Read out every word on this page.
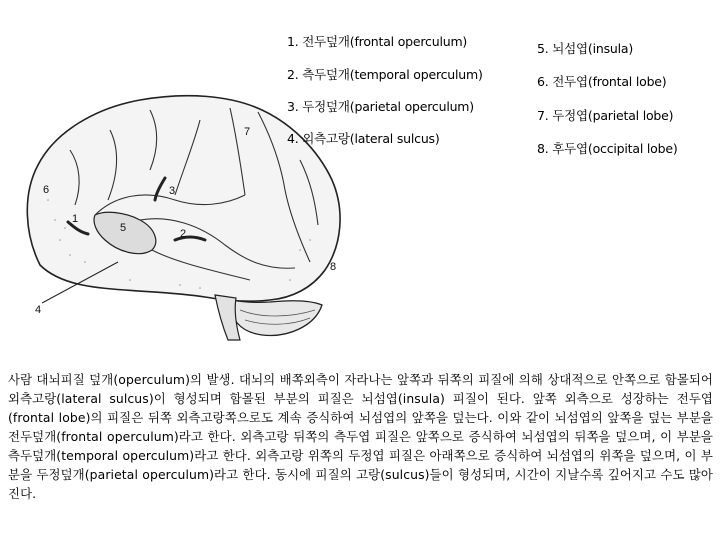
1
2
3
4
5
6
7
8
1. 전두덮개(frontal operculum)
2. 측두덮개(temporal operculum)
3. 두정덮개(parietal operculum)
4. 외측고랑(lateral sulcus)
5. 뇌섬엽(insula)
6. 전두엽(frontal lobe)
7. 두정엽(parietal lobe)
8. 후두엽(occipital lobe)

사람 대뇌피질 덮개(operculum)의 발생. 대뇌의 배쪽외측이 자라나는 앞쪽과 뒤쪽의 피질에 의해 상대적으로 안쪽으로 함몰되어 외측고랑(lateral sulcus)이 형성되며 함몰된 부분의 피질은 뇌섬엽(insula) 피질이 된다. 앞쪽 외측으로 성장하는 전두엽(frontal lobe)의 피질은 뒤쪽 외측고랑쪽으로도 계속 증식하여 뇌섬엽의 앞쪽을 덮는다. 이와 같이 뇌섬엽의 앞쪽을 덮는 부분을 전두덮개(frontal operculum)라고 한다. 외측고랑 뒤쪽의 측두엽 피질은 앞쪽으로 증식하여 뇌섬엽의 뒤쪽을 덮으며, 이 부분을 측두덮개(temporal operculum)라고 한다. 외측고랑 위쪽의 두정엽 피질은 아래쪽으로 증식하여 뇌섬엽의 위쪽을 덮으며, 이 부분을 두정덮개(parietal operculum)라고 한다. 동시에 피질의 고랑(sulcus)들이 형성되며, 시간이 지날수록 깊어지고 수도 많아진다.
